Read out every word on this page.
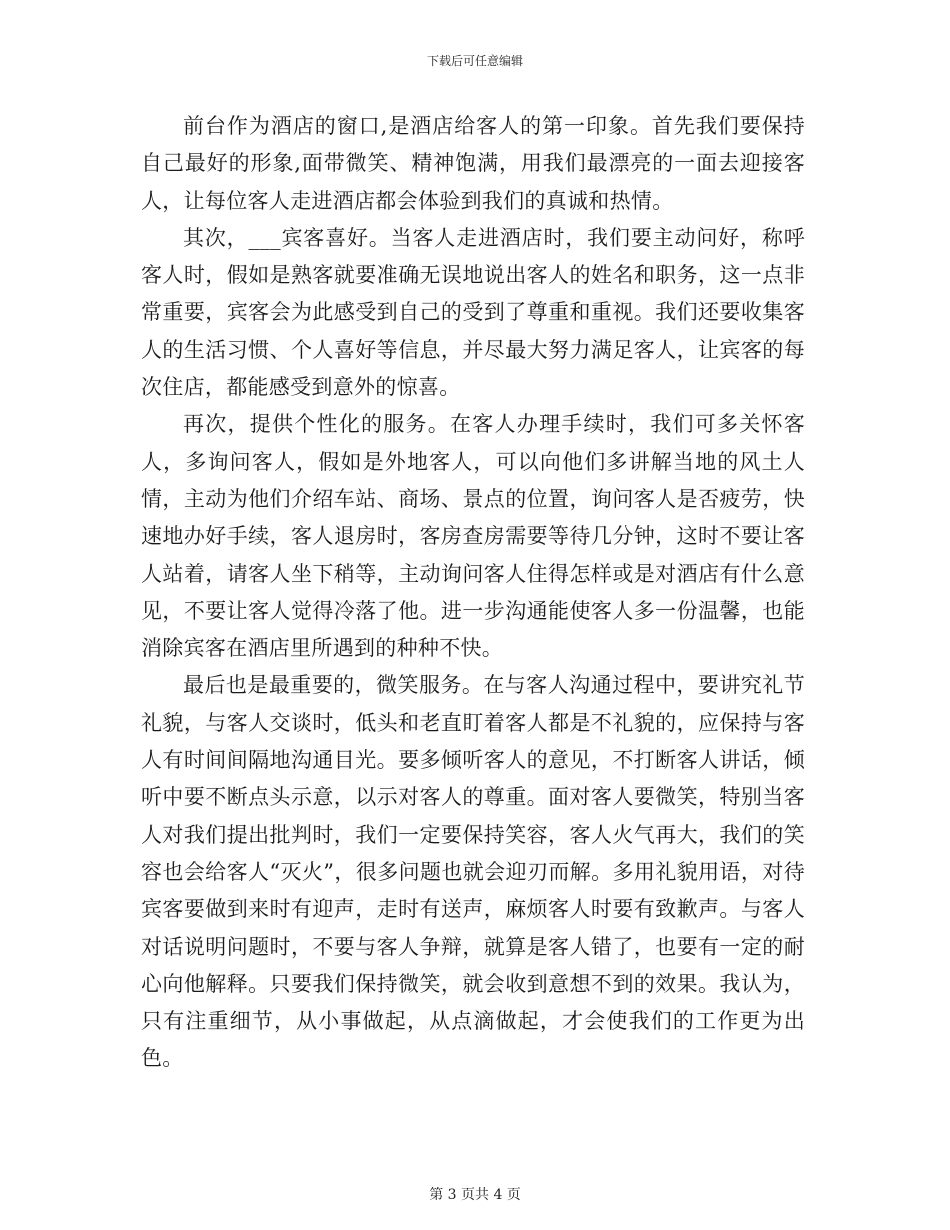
下载后可任意编辑

前台作为酒店的窗口,是酒店给客人的第一印象。首先我们要保持自己最好的形象,面带微笑、精神饱满，用我们最漂亮的一面去迎接客人，让每位客人走进酒店都会体验到我们的真诚和热情。

其次，___宾客喜好。当客人走进酒店时，我们要主动问好，称呼客人时，假如是熟客就要准确无误地说出客人的姓名和职务，这一点非常重要，宾客会为此感受到自己的受到了尊重和重视。我们还要收集客人的生活习惯、个人喜好等信息，并尽最大努力满足客人，让宾客的每次住店，都能感受到意外的惊喜。

再次，提供个性化的服务。在客人办理手续时，我们可多关怀客人，多询问客人，假如是外地客人，可以向他们多讲解当地的风土人情，主动为他们介绍车站、商场、景点的位置，询问客人是否疲劳，快速地办好手续，客人退房时，客房查房需要等待几分钟，这时不要让客人站着，请客人坐下稍等，主动询问客人住得怎样或是对酒店有什么意见，不要让客人觉得冷落了他。进一步沟通能使客人多一份温馨，也能消除宾客在酒店里所遇到的种种不快。

最后也是最重要的，微笑服务。在与客人沟通过程中，要讲究礼节礼貌，与客人交谈时，低头和老直盯着客人都是不礼貌的，应保持与客人有时间间隔地沟通目光。要多倾听客人的意见，不打断客人讲话，倾听中要不断点头示意，以示对客人的尊重。面对客人要微笑，特别当客人对我们提出批判时，我们一定要保持笑容，客人火气再大，我们的笑容也会给客人“灭火”，很多问题也就会迎刃而解。多用礼貌用语，对待宾客要做到来时有迎声，走时有送声，麻烦客人时要有致歉声。与客人对话说明问题时，不要与客人争辩，就算是客人错了，也要有一定的耐心向他解释。只要我们保持微笑，就会收到意想不到的效果。我认为，只有注重细节，从小事做起，从点滴做起，才会使我们的工作更为出色。

第 3 页共 4 页
